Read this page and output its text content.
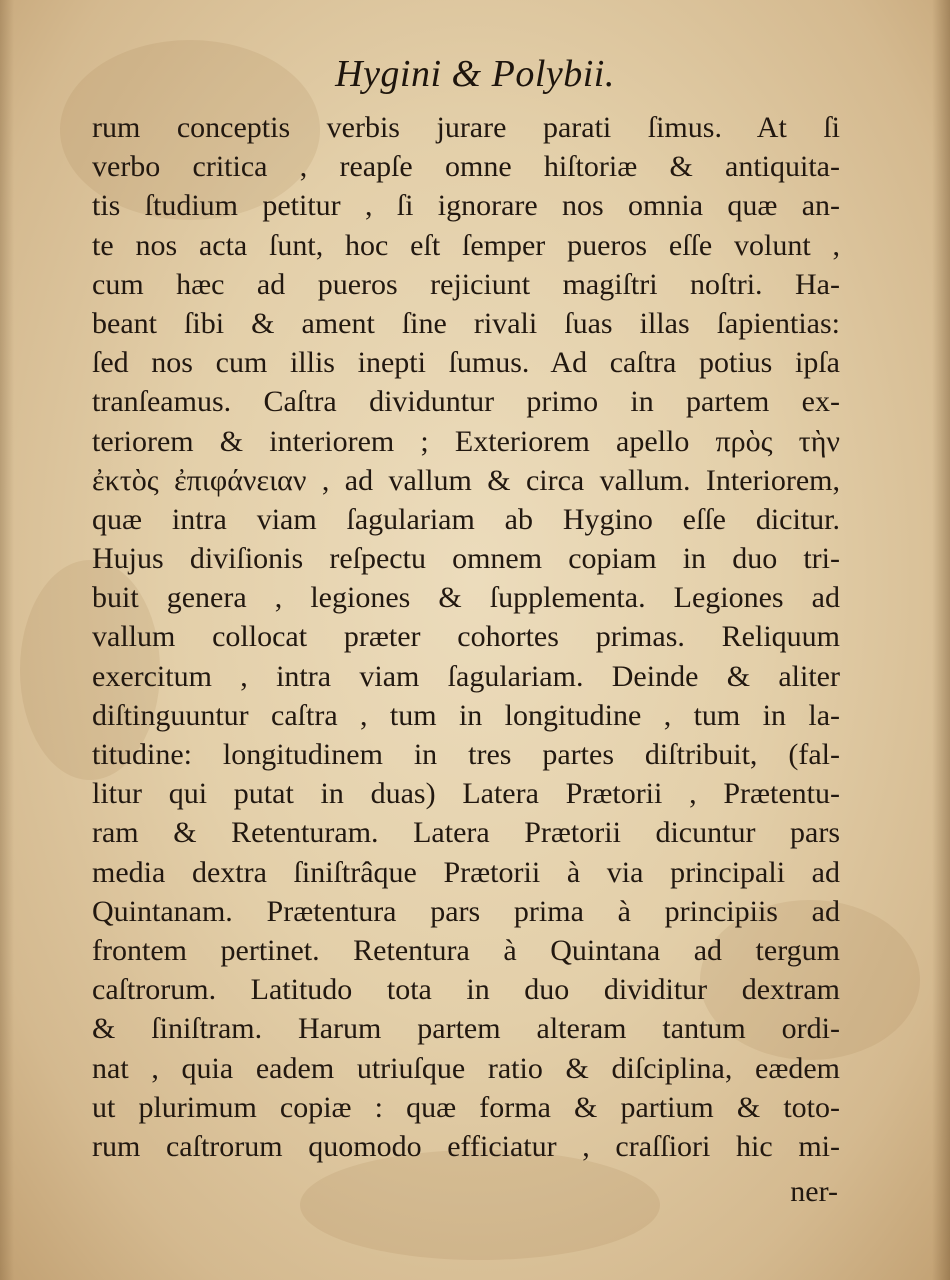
Hygini & Polybii.
rum conceptis verbis jurare parati ſimus. At ſi
verbo critica , reapſe omne hiſtoriæ & antiquita-
tis ſtudium petitur , ſi ignorare nos omnia quæ an-
te nos acta ſunt, hoc eſt ſemper pueros eſſe volunt ,
cum hæc ad pueros rejiciunt magiſtri noſtri. Ha-
beant ſibi & ament ſine rivali ſuas illas ſapientias:
ſed nos cum illis inepti ſumus. Ad caſtra potius ipſa
tranſeamus. Caſtra dividuntur primo in partem ex-
teriorem & interiorem ; Exteriorem apello πρὸς τὴν
ἐκτὸς ἐπιφάνειαν , ad vallum & circa vallum. Interiorem,
quæ intra viam ſagulariam ab Hygino eſſe dicitur.
Hujus diviſionis reſpectu omnem copiam in duo tri-
buit genera , legiones & ſupplementa. Legiones ad
vallum collocat præter cohortes primas. Reliquum
exercitum , intra viam ſagulariam. Deinde & aliter
diſtinguuntur caſtra , tum in longitudine , tum in la-
titudine: longitudinem in tres partes diſtribuit, (fal-
litur qui putat in duas) Latera Prætorii , Prætentu-
ram & Retenturam. Latera Prætorii dicuntur pars
media dextra ſiniſtrâque Prætorii à via principali ad
Quintanam. Prætentura pars prima à principiis ad
frontem pertinet. Retentura à Quintana ad tergum
caſtrorum. Latitudo tota in duo dividitur dextram
& ſiniſtram. Harum partem alteram tantum ordi-
nat , quia eadem utriuſque ratio & diſciplina, eædem
ut plurimum copiæ : quæ forma & partium & toto-
rum caſtrorum quomodo efficiatur , craſſiori hic mi-
ner-
